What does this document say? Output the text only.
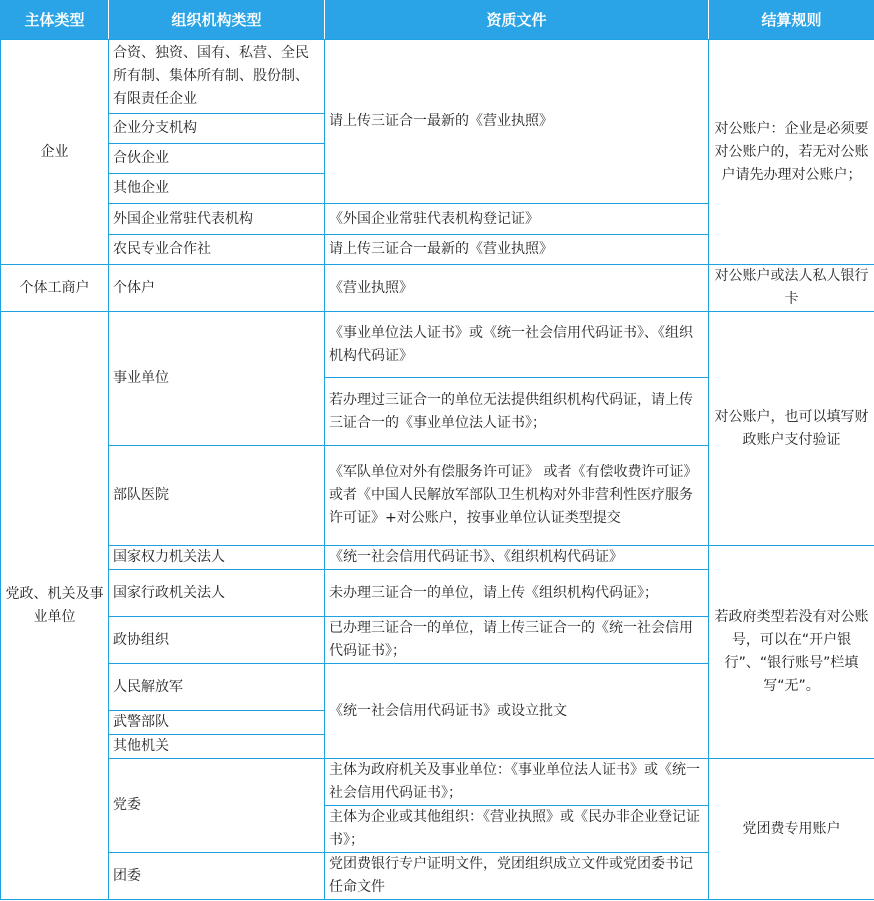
主体类型	组织机构类型	资质文件	结算规则
企业	合资、独资、国有、私营、全民所有制、集体所有制、股份制、有限责任企业	请上传三证合一最新的《营业执照》	对公账户：企业是必须要对公账户的，若无对公账户请先办理对公账户；
	企业分支机构		
	合伙企业		
	其他企业		
	外国企业常驻代表机构	《外国企业常驻代表机构登记证》	
	农民专业合作社	请上传三证合一最新的《营业执照》	
个体工商户	个体户	《营业执照》	对公账户或法人私人银行卡
党政、机关及事业单位	事业单位	《事业单位法人证书》或《统一社会信用代码证书》、《组织机构代码证》	对公账户，也可以填写财政账户支付验证
		若办理过三证合一的单位无法提供组织机构代码证，请上传三证合一的《事业单位法人证书》；	
	部队医院	《军队单位对外有偿服务许可证》 或者《有偿收费许可证》或者《中国人民解放军部队卫生机构对外非营利性医疗服务许可证》+对公账户，按事业单位认证类型提交	
	国家权力机关法人	《统一社会信用代码证书》、《组织机构代码证》	若政府类型若没有对公账号，可以在“开户银行”、“银行账号”栏填写“无”。
	国家行政机关法人	未办理三证合一的单位，请上传《组织机构代码证》；	
	政协组织	已办理三证合一的单位，请上传三证合一的《统一社会信用代码证书》；	
	人民解放军	《统一社会信用代码证书》或设立批文	
	武警部队		
	其他机关		
	党委	主体为政府机关及事业单位：《事业单位法人证书》或《统一社会信用代码证书》；	党团费专用账户
		主体为企业或其他组织：《营业执照》或《民办非企业登记证书》；	
	团委	党团费银行专户证明文件，党团组织成立文件或党团委书记任命文件	
